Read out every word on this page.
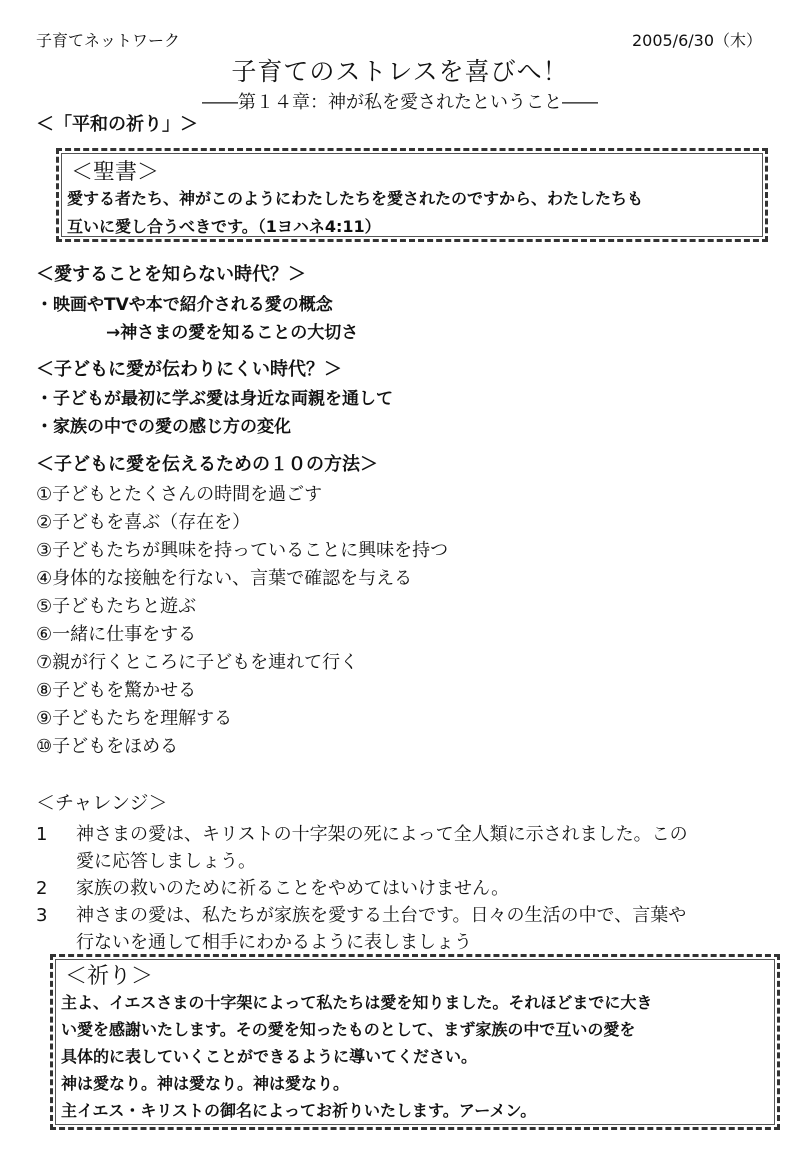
子育てネットワーク	2005/6/30（木）
子育てのストレスを喜びへ！
――第１４章：神が私を愛されたということ――
＜「平和の祈り」＞
＜聖書＞
愛する者たち、神がこのようにわたしたちを愛されたのですから、わたしたちも
互いに愛し合うべきです。（1ヨハネ4:11）
＜愛することを知らない時代？＞
・映画やTVや本で紹介される愛の概念
→神さまの愛を知ることの大切さ
＜子どもに愛が伝わりにくい時代？＞
・子どもが最初に学ぶ愛は身近な両親を通して
・家族の中での愛の感じ方の変化
＜子どもに愛を伝えるための１０の方法＞
①子どもとたくさんの時間を過ごす
②子どもを喜ぶ（存在を）
③子どもたちが興味を持っていることに興味を持つ
④身体的な接触を行ない、言葉で確認を与える
⑤子どもたちと遊ぶ
⑥一緒に仕事をする
⑦親が行くところに子どもを連れて行く
⑧子どもを驚かせる
⑨子どもたちを理解する
⑩子どもをほめる
＜チャレンジ＞
1 神さまの愛は、キリストの十字架の死によって全人類に示されました。この
愛に応答しましょう。
2 家族の救いのために祈ることをやめてはいけません。
3 神さまの愛は、私たちが家族を愛する土台です。日々の生活の中で、言葉や
行ないを通して相手にわかるように表しましょう
＜祈り＞
主よ、イエスさまの十字架によって私たちは愛を知りました。それほどまでに大き
い愛を感謝いたします。その愛を知ったものとして、まず家族の中で互いの愛を
具体的に表していくことができるように導いてください。
神は愛なり。神は愛なり。神は愛なり。
主イエス・キリストの御名によってお祈りいたします。アーメン。
